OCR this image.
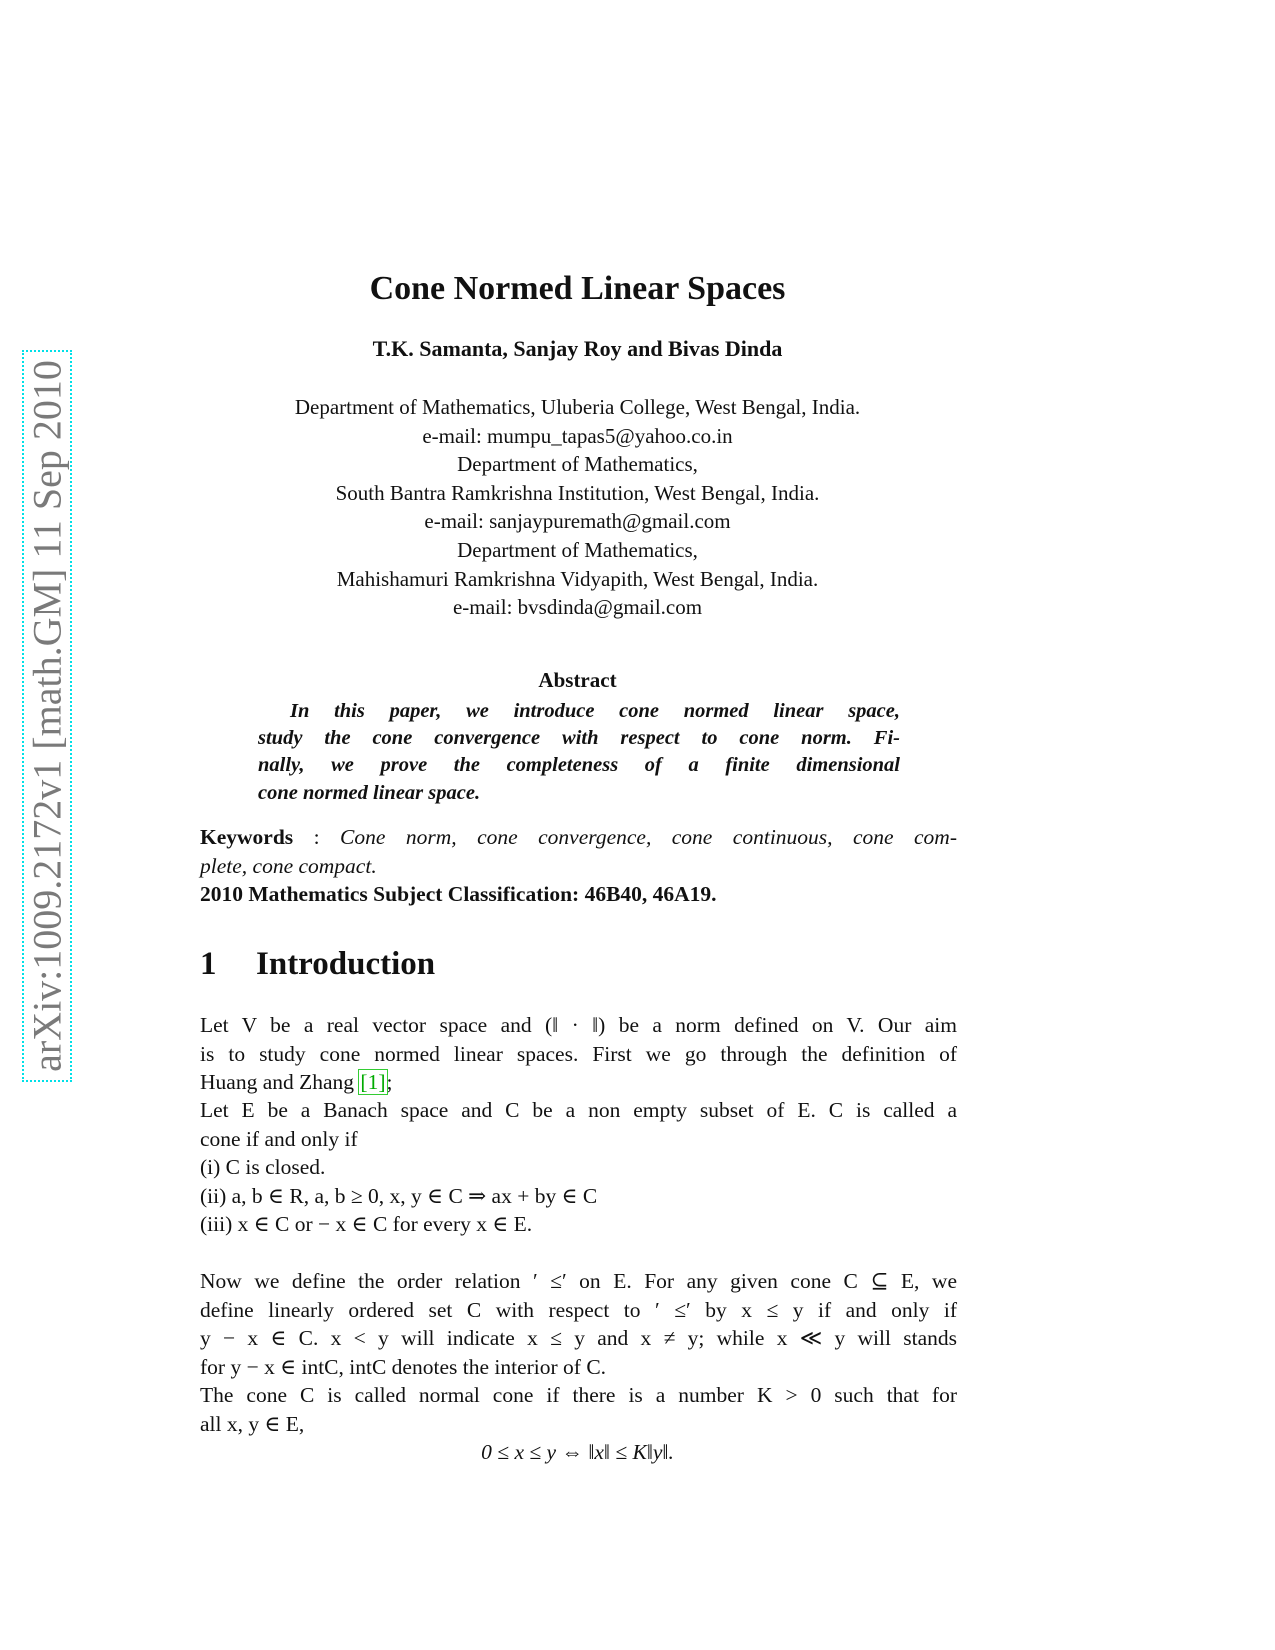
arXiv:1009.2172v1 [math.GM] 11 Sep 2010
Cone Normed Linear Spaces
T.K. Samanta, Sanjay Roy and Bivas Dinda
Department of Mathematics, Uluberia College, West Bengal, India.
e-mail: mumpu_tapas5@yahoo.co.in
Department of Mathematics,
South Bantra Ramkrishna Institution, West Bengal, India.
e-mail: sanjaypuremath@gmail.com
Department of Mathematics,
Mahishamuri Ramkrishna Vidyapith, West Bengal, India.
e-mail: bvsdinda@gmail.com
Abstract
In this paper, we introduce cone normed linear space,
study the cone convergence with respect to cone norm. Fi-
nally, we prove the completeness of a finite dimensional
cone normed linear space.
Keywords : Cone norm, cone convergence, cone continuous, cone com-
plete, cone compact.
2010 Mathematics Subject Classification: 46B40, 46A19.
1 Introduction
Let V be a real vector space and (‖ · ‖) be a norm defined on V. Our aim
is to study cone normed linear spaces. First we go through the definition of
Huang and Zhang [1];
Let E be a Banach space and C be a non empty subset of E. C is called a
cone if and only if
(i) C is closed.
(ii) a, b ∈ R, a, b ≥ 0, x, y ∈ C ⇒ ax + by ∈ C
(iii) x ∈ C or − x ∈ C for every x ∈ E.
Now we define the order relation ′ ≤′ on E. For any given cone C ⊆ E, we
define linearly ordered set C with respect to ′ ≤′ by x ≤ y if and only if
y − x ∈ C. x < y will indicate x ≤ y and x ≠ y; while x ≪ y will stands
for y − x ∈ intC, intC denotes the interior of C.
The cone C is called normal cone if there is a number K > 0 such that for
all x, y ∈ E,
0 ≤ x ≤ y ⇔ ‖x‖ ≤ K‖y‖.
